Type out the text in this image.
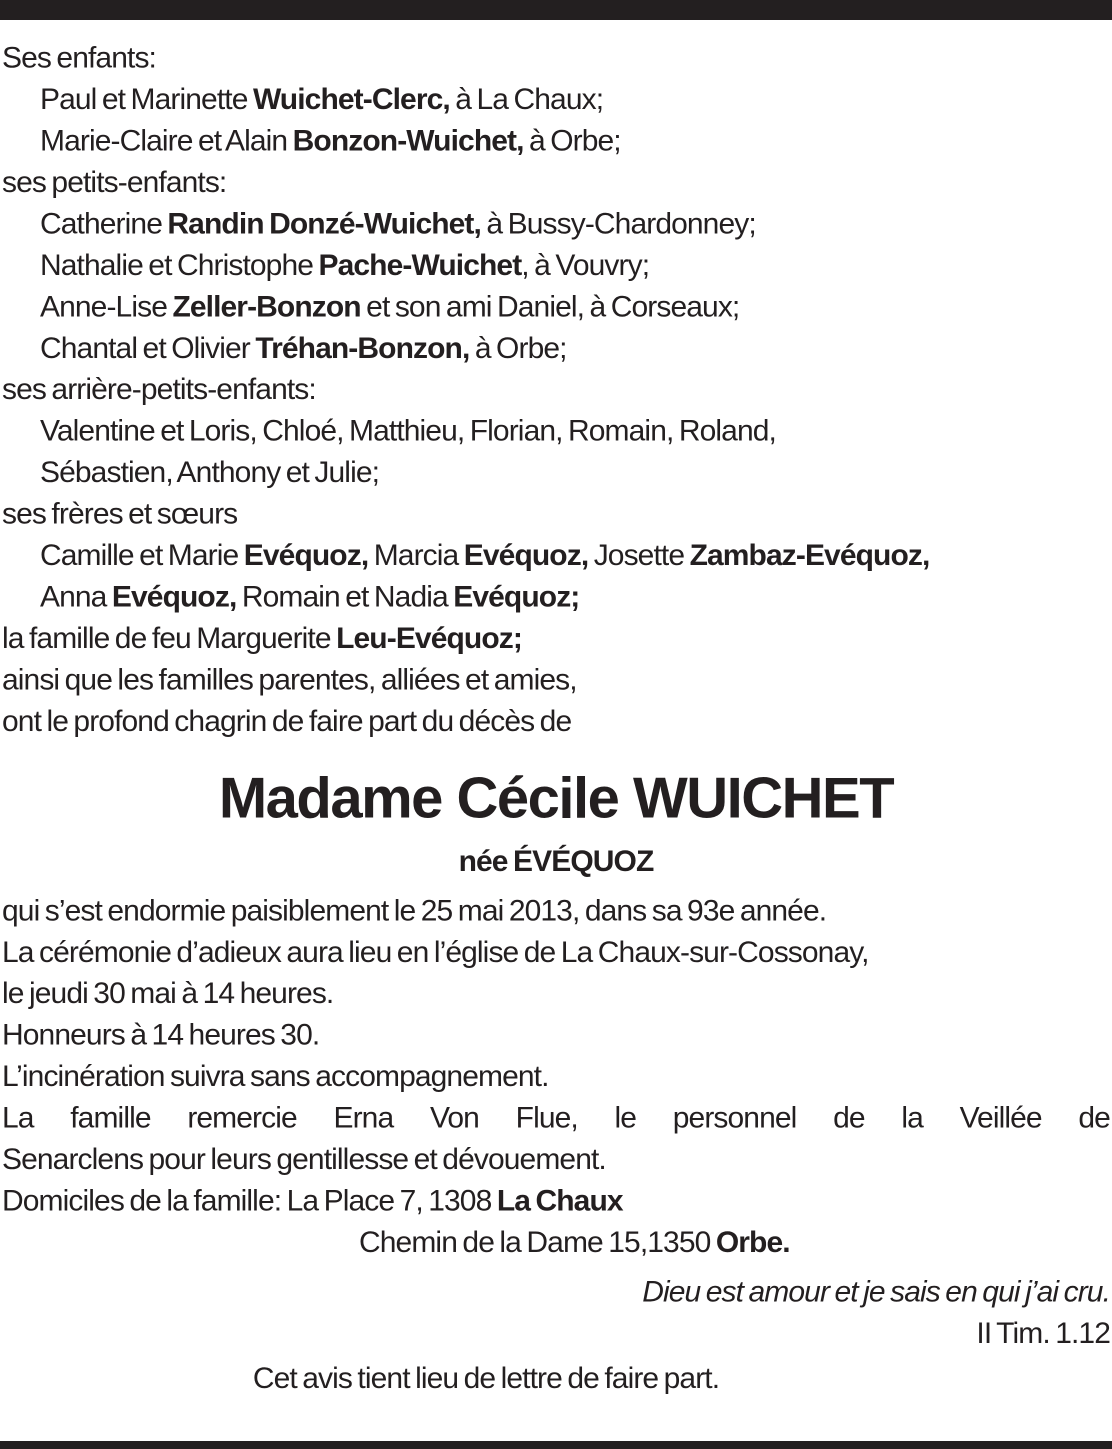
Ses enfants:
Paul et Marinette Wuichet-Clerc, à La Chaux;
Marie-Claire et Alain Bonzon-Wuichet, à Orbe;
ses petits-enfants:
Catherine Randin Donzé-Wuichet, à Bussy-Chardonney;
Nathalie et Christophe Pache-Wuichet, à Vouvry;
Anne-Lise Zeller-Bonzon et son ami Daniel, à Corseaux;
Chantal et Olivier Tréhan-Bonzon, à Orbe;
ses arrière-petits-enfants:
Valentine et Loris, Chloé, Matthieu, Florian, Romain, Roland,
Sébastien, Anthony et Julie;
ses frères et sœurs
Camille et Marie Evéquoz, Marcia Evéquoz, Josette Zambaz-Evéquoz,
Anna Evéquoz, Romain et Nadia Evéquoz;
la famille de feu Marguerite Leu-Evéquoz;
ainsi que les familles parentes, alliées et amies,
ont le profond chagrin de faire part du décès de
Madame Cécile WUICHET
née ÉVÉQUOZ
qui s’est endormie paisiblement le 25 mai 2013, dans sa 93e année.
La cérémonie d’adieux aura lieu en l’église de La Chaux-sur-Cossonay,
le jeudi 30 mai à 14 heures.
Honneurs à 14 heures 30.
L’incinération suivra sans accompagnement.
La famille remercie Erna Von Flue, le personnel de la Veillée de
Senarclens pour leurs gentillesse et dévouement.
Domiciles de la famille: La Place 7, 1308 La Chaux
Chemin de la Dame 15,1350 Orbe.
Dieu est amour et je sais en qui j’ai cru.
II Tim. 1.12
Cet avis tient lieu de lettre de faire part.
